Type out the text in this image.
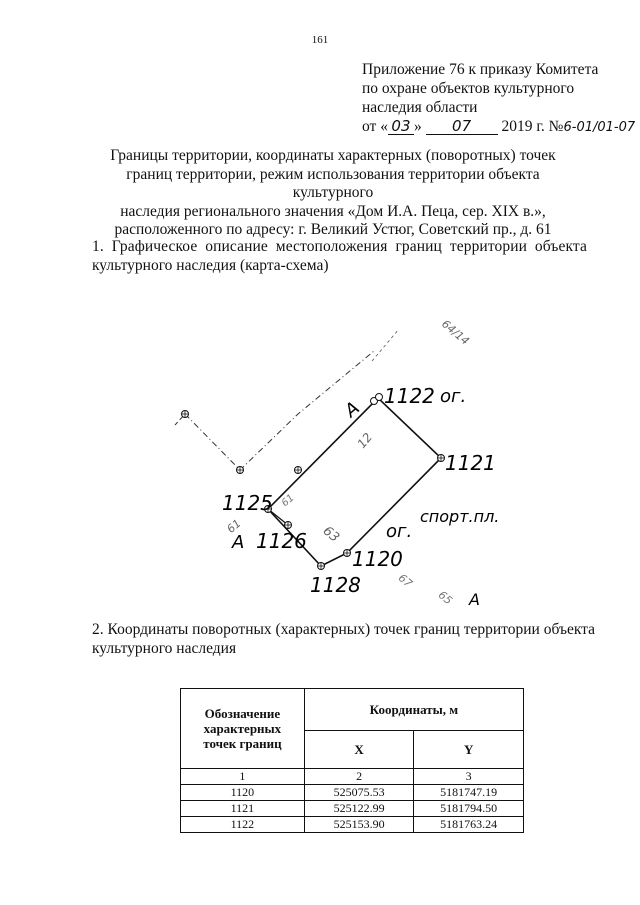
161
Приложение 76 к приказу Комитета
по охране объектов культурного
наследия области
от « 03 » 07 2019 г. №6-01/01-07
Границы территории, координаты характерных (поворотных) точек
границ территории, режим использования территории объекта культурного
наследия регионального значения «Дом И.А. Пеца, сер. XIX в.»,
расположенного по адресу: г. Великий Устюг, Советский пр., д. 61
1.  Графическое  описание  местоположения  границ  территории  объекта
культурного наследия (карта-схема)
1122 ог.
А
64/14
12
1121
1125
61
61
А 1126 63 ог.
спорт.пл.
1120
1128	67
65 А
2. Координаты поворотных (характерных) точек границ территории объекта
культурного наследия
Обозначение
характерных
точек границ	Координаты, м	
	X	Y
1	2	3
1120	525075.53	5181747.19
1121	525122.99	5181794.50
1122	525153.90	5181763.24
